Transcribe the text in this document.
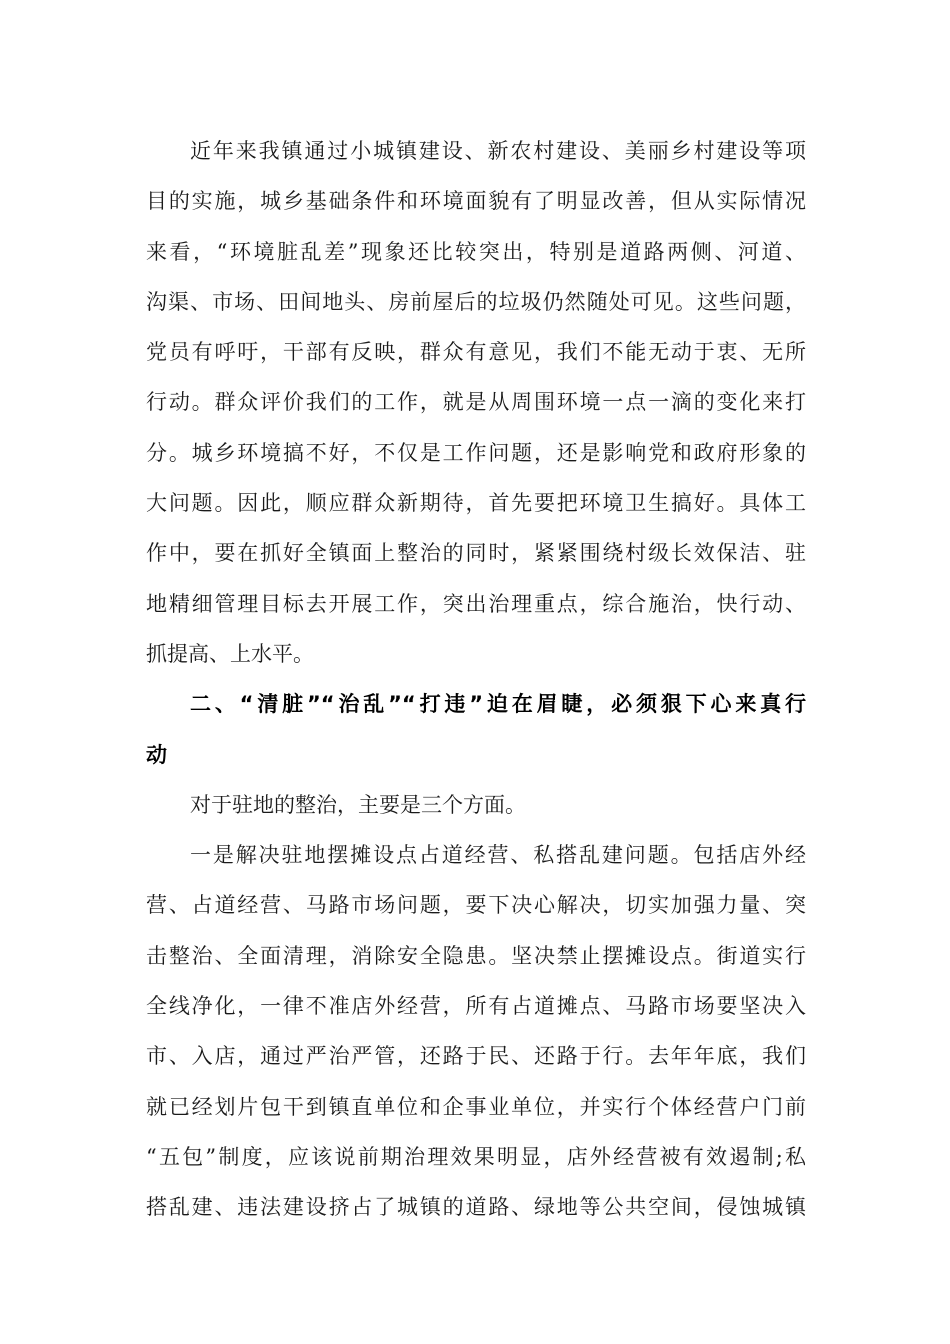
近年来我镇通过小城镇建设、新农村建设、美丽乡村建设等项
目的实施，城乡基础条件和环境面貌有了明显改善，但从实际情况
来看，“环境脏乱差”现象还比较突出，特别是道路两侧、河道、
沟渠、市场、田间地头、房前屋后的垃圾仍然随处可见。这些问题，
党员有呼吁，干部有反映，群众有意见，我们不能无动于衷、无所
行动。群众评价我们的工作，就是从周围环境一点一滴的变化来打
分。城乡环境搞不好，不仅是工作问题，还是影响党和政府形象的
大问题。因此，顺应群众新期待，首先要把环境卫生搞好。具体工
作中，要在抓好全镇面上整治的同时，紧紧围绕村级长效保洁、驻
地精细管理目标去开展工作，突出治理重点，综合施治，快行动、
抓提高、上水平。
二、“清脏”“治乱”“打违”迫在眉睫，必须狠下心来真行
动
对于驻地的整治，主要是三个方面。
一是解决驻地摆摊设点占道经营、私搭乱建问题。包括店外经
营、占道经营、马路市场问题，要下决心解决，切实加强力量、突
击整治、全面清理，消除安全隐患。坚决禁止摆摊设点。街道实行
全线净化，一律不准店外经营，所有占道摊点、马路市场要坚决入
市、入店，通过严治严管，还路于民、还路于行。去年年底，我们
就已经划片包干到镇直单位和企事业单位，并实行个体经营户门前
“五包”制度，应该说前期治理效果明显，店外经营被有效遏制;私
搭乱建、违法建设挤占了城镇的道路、绿地等公共空间，侵蚀城镇
